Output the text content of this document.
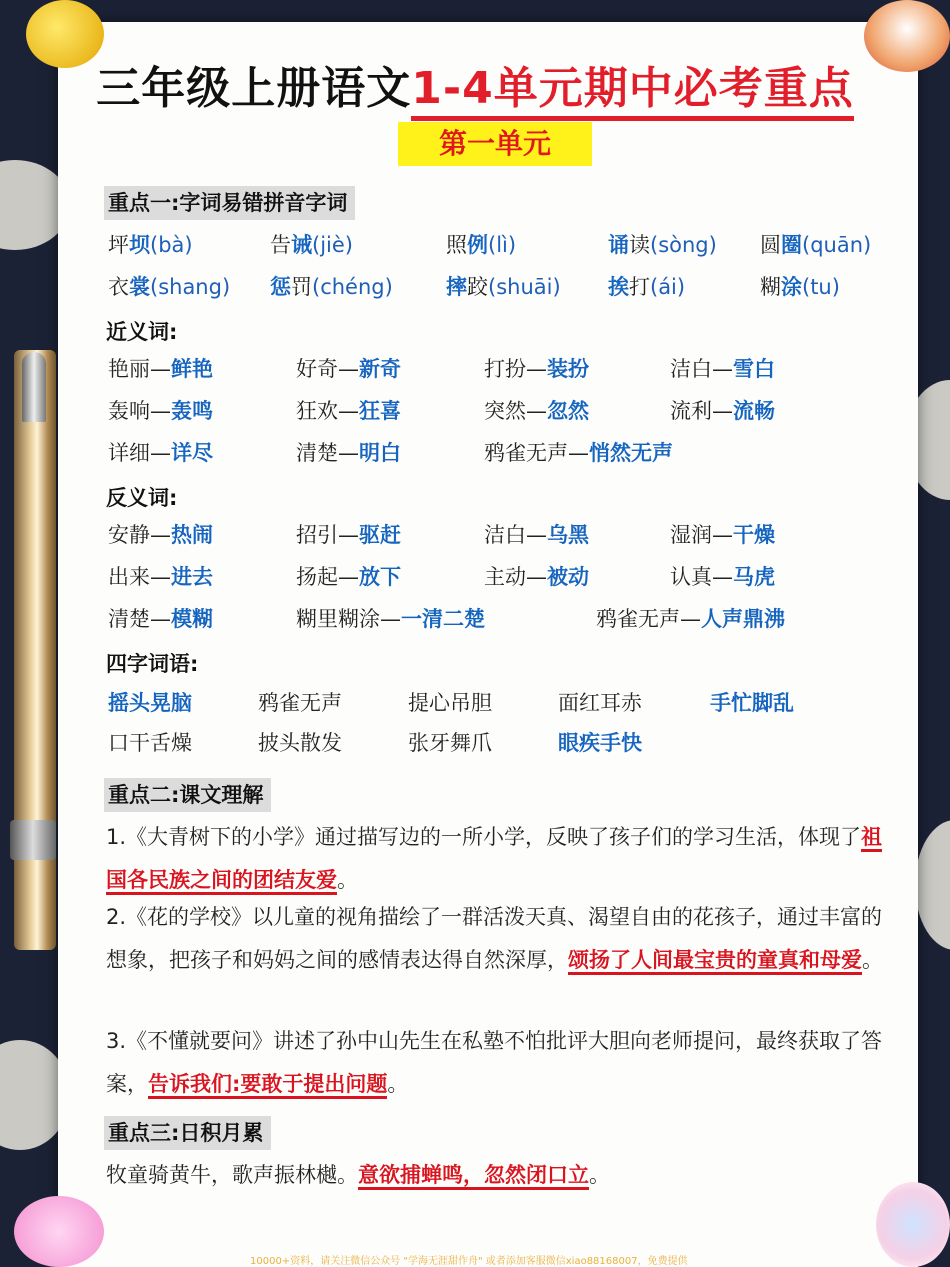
三年级上册语文1-4单元期中必考重点
第一单元
重点一:字词易错拼音字词
坪坝(bà)	告诫(jiè)	照例(lì)	诵读(sòng) 圆圈(quān)
衣裳(shang) 惩罚(chéng)	摔跤(shuāi) 挨打(ái)	糊涂(tu)
近义词:
艳丽—鲜艳	好奇—新奇	打扮—装扮	洁白—雪白
轰响—轰鸣	狂欢—狂喜	突然—忽然	流利—流畅
详细—详尽	清楚—明白	鸦雀无声—悄然无声
反义词:
安静—热闹	招引—驱赶	洁白—乌黑	湿润—干燥
出来—进去	扬起—放下	主动—被动	认真—马虎
清楚—模糊	糊里糊涂—一清二楚	鸦雀无声—人声鼎沸
四字词语:
摇头晃脑	鸦雀无声	提心吊胆	面红耳赤	手忙脚乱
口干舌燥	披头散发	张牙舞爪	眼疾手快
重点二:课文理解
1.《大青树下的小学》通过描写边的一所小学，反映了孩子们的学习生活，体现了祖国各民族之间的团结友爱。
2.《花的学校》以儿童的视角描绘了一群活泼天真、渴望自由的花孩子，通过丰富的想象，把孩子和妈妈之间的感情表达得自然深厚，颂扬了人间最宝贵的童真和母爱。
3.《不懂就要问》讲述了孙中山先生在私塾不怕批评大胆向老师提问，最终获取了答案，告诉我们:要敢于提出问题。
重点三:日积月累
牧童骑黄牛，歌声振林樾。意欲捕蝉鸣，忽然闭口立。
10000+资料，请关注微信公众号 "学海无涯甜作舟" 或者添加客服微信xiao88168007，免费提供
